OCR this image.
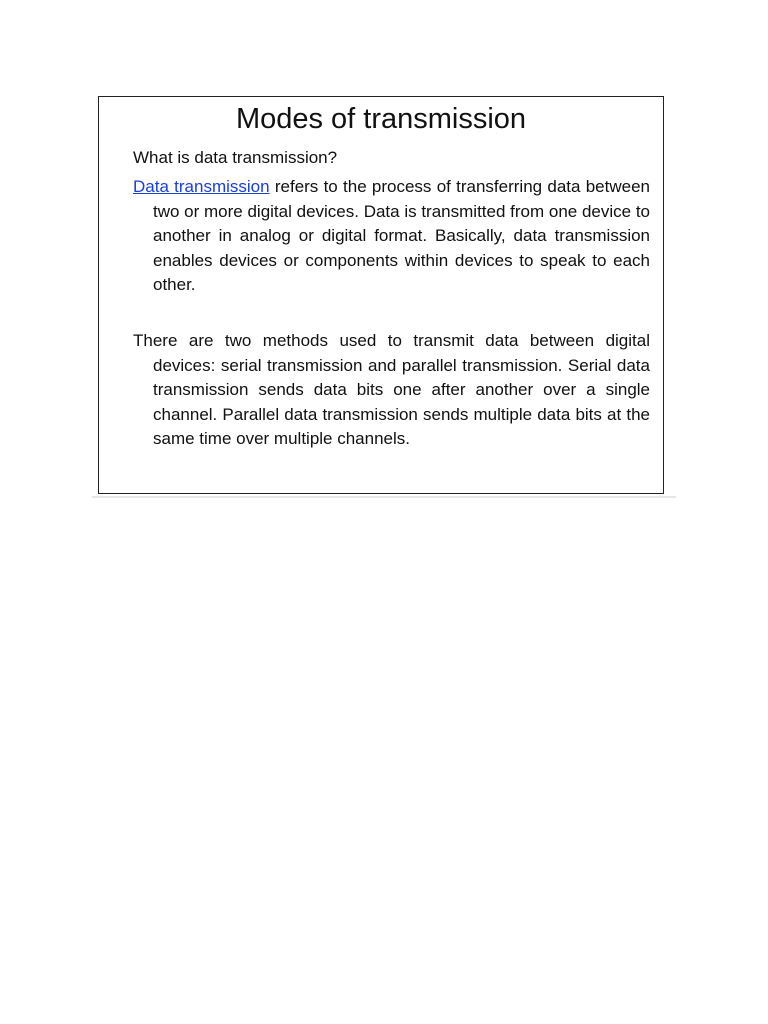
Modes of transmission

What is data transmission?

Data transmission refers to the process of transferring data between two or more digital devices. Data is transmitted from one device to another in analog or digital format. Basically, data transmission enables devices or components within devices to speak to each other.

There are two methods used to transmit data between digital devices: serial transmission and parallel transmission. Serial data transmission sends data bits one after another over a single channel. Parallel data transmission sends multiple data bits at the same time over multiple channels.
